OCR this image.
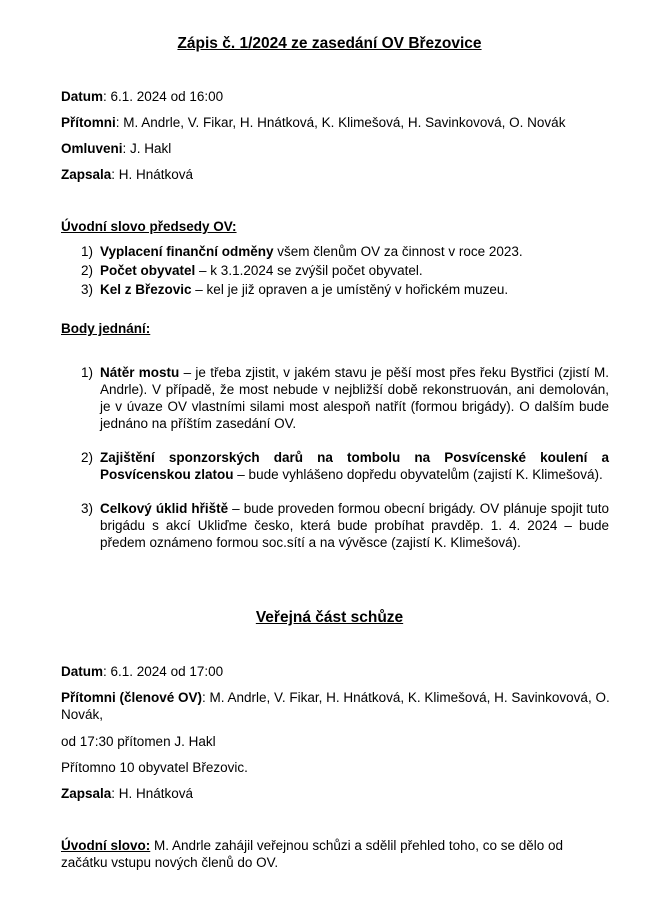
Zápis č. 1/2024 ze zasedání OV Březovice
Datum: 6.1. 2024 od 16:00
Přítomni: M. Andrle, V. Fikar, H. Hnátková, K. Klimešová, H. Savinkovová, O. Novák
Omluveni: J. Hakl
Zapsala: H. Hnátková
Úvodní slovo předsedy OV:
1) Vyplacení finanční odměny všem členům OV za činnost v roce 2023.
2) Počet obyvatel – k 3.1.2024 se zvýšil počet obyvatel.
3) Kel z Březovic – kel je již opraven a je umístěný v hořickém muzeu.
Body jednání:
1) Nátěr mostu – je třeba zjistit, v jakém stavu je pěší most přes řeku Bystřici (zjistí M. Andrle). V případě, že most nebude v nejbližší době rekonstruován, ani demolován, je v úvaze OV vlastními silami most alespoň natřít (formou brigády). O dalším bude jednáno na příštím zasedání OV.
2) Zajištění sponzorských darů na tombolu na Posvícenské koulení a Posvícenskou zlatou – bude vyhlášeno dopředu obyvatelům (zajistí K. Klimešová).
3) Celkový úklid hřiště – bude proveden formou obecní brigády. OV plánuje spojit tuto brigádu s akcí Ukliďme česko, která bude probíhat pravděp. 1. 4. 2024 – bude předem oznámeno formou soc.sítí a na vývěsce (zajistí K. Klimešová).
Veřejná část schůze
Datum: 6.1. 2024 od 17:00
Přítomni (členové OV): M. Andrle, V. Fikar, H. Hnátková, K. Klimešová, H. Savinkovová, O. Novák,
od 17:30 přítomen J. Hakl
Přítomno 10 obyvatel Březovic.
Zapsala: H. Hnátková
Úvodní slovo: M. Andrle zahájil veřejnou schůzi a sdělil přehled toho, co se dělo od začátku vstupu nových členů do OV.
